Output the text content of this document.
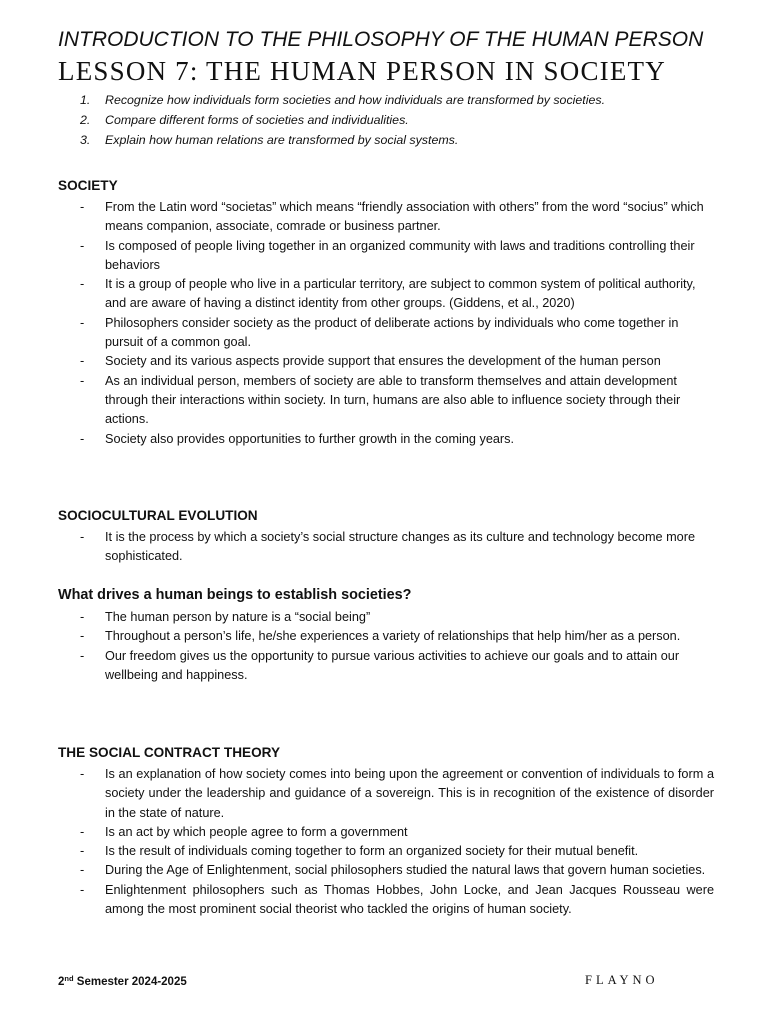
INTRODUCTION TO THE PHILOSOPHY OF THE HUMAN PERSON
LESSON 7: THE HUMAN PERSON IN SOCIETY
1. Recognize how individuals form societies and how individuals are transformed by societies.
2. Compare different forms of societies and individualities.
3. Explain how human relations are transformed by social systems.
SOCIETY
- From the Latin word “societas” which means “friendly association with others” from the word “socius” which means companion, associate, comrade or business partner.
- Is composed of people living together in an organized community with laws and traditions controlling their behaviors
- It is a group of people who live in a particular territory, are subject to common system of political authority, and are aware of having a distinct identity from other groups. (Giddens, et al., 2020)
- Philosophers consider society as the product of deliberate actions by individuals who come together in pursuit of a common goal.
- Society and its various aspects provide support that ensures the development of the human person
- As an individual person, members of society are able to transform themselves and attain development through their interactions within society. In turn, humans are also able to influence society through their actions.
- Society also provides opportunities to further growth in the coming years.
SOCIOCULTURAL EVOLUTION
- It is the process by which a society’s social structure changes as its culture and technology become more sophisticated.
What drives a human beings to establish societies?
- The human person by nature is a “social being”
- Throughout a person’s life, he/she experiences a variety of relationships that help him/her as a person.
- Our freedom gives us the opportunity to pursue various activities to achieve our goals and to attain our wellbeing and happiness.
THE SOCIAL CONTRACT THEORY
- Is an explanation of how society comes into being upon the agreement or convention of individuals to form a society under the leadership and guidance of a sovereign. This is in recognition of the existence of disorder in the state of nature.
- Is an act by which people agree to form a government
- Is the result of individuals coming together to form an organized society for their mutual benefit.
- During the Age of Enlightenment, social philosophers studied the natural laws that govern human societies.
- Enlightenment philosophers such as Thomas Hobbes, John Locke, and Jean Jacques Rousseau were among the most prominent social theorist who tackled the origins of human society.
2nd Semester 2024-2025	FLAYNO
